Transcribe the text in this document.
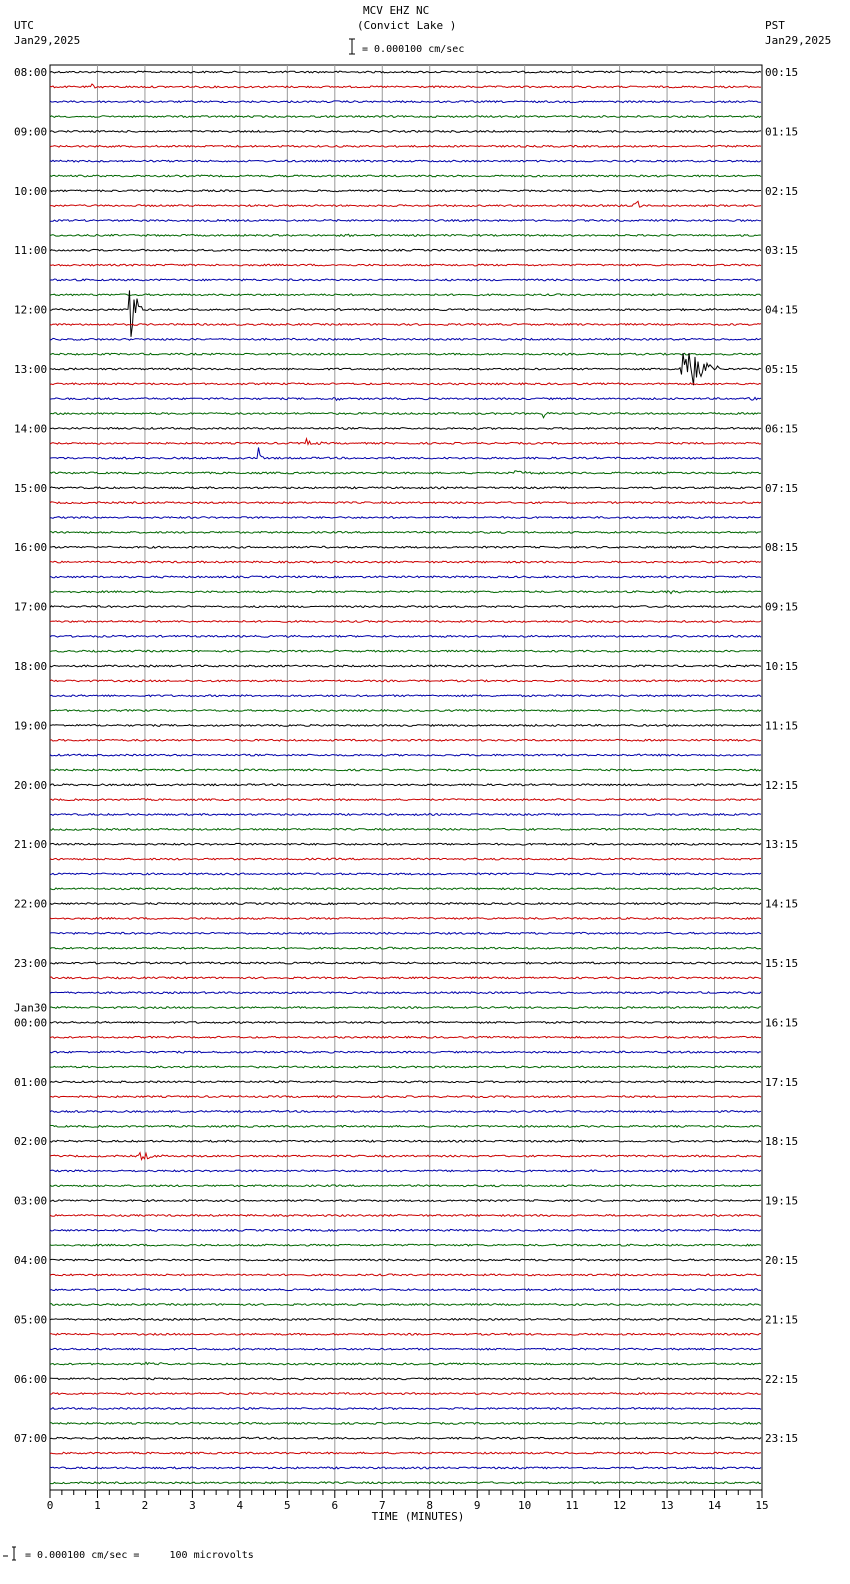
MCV EHZ NC
(Convict Lake )
UTC
Jan29,2025
PST
Jan29,2025
= 0.000100 cm/sec
= 0.000100 cm/sec =     100 microvolts
08:00
09:00
10:00
11:00
12:00
13:00
14:00
15:00
16:00
17:00
18:00
19:00
20:00
21:00
22:00
23:00
00:00
01:00
02:00
03:00
04:00
05:00
06:00
07:00
00:15
01:15
02:15
03:15
04:15
05:15
06:15
07:15
08:15
09:15
10:15
11:15
12:15
13:15
14:15
15:15
16:15
17:15
18:15
19:15
20:15
21:15
22:15
23:15
Jan30
0	1	2	3	4	5	6	7	8	9	10	11	12	13	14	15
TIME (MINUTES)
